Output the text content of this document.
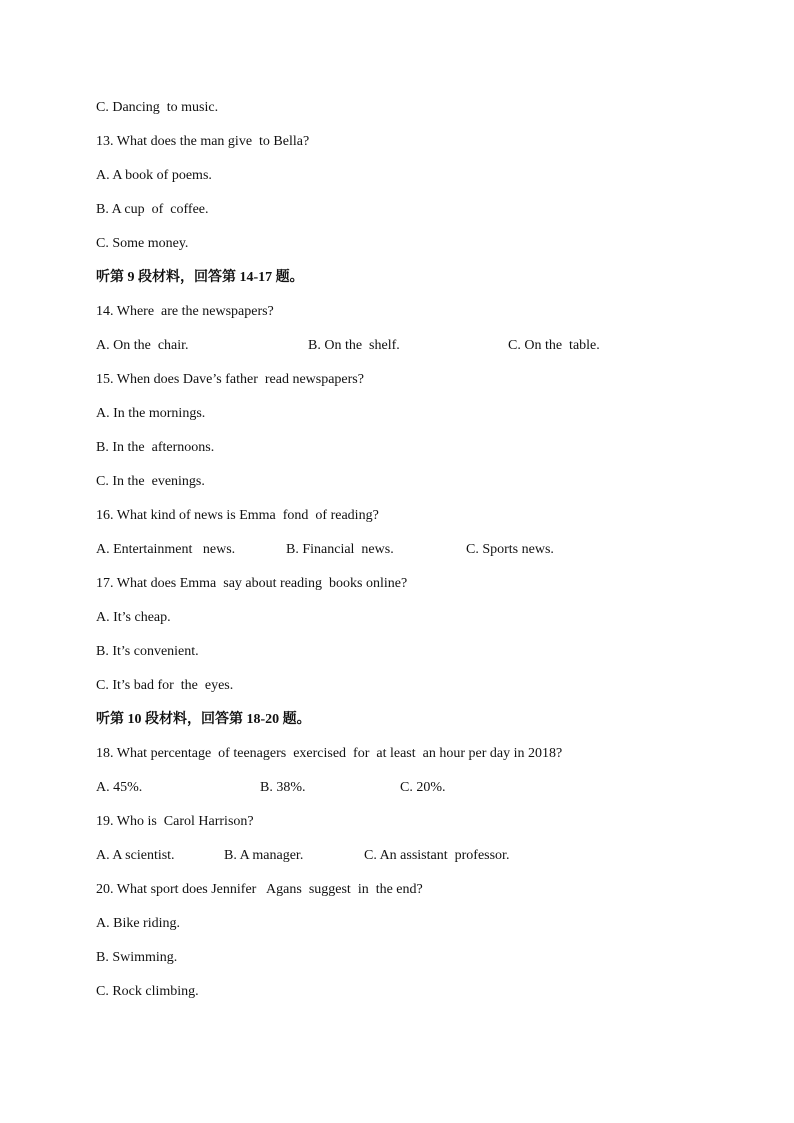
C. Dancing  to music.
13. What does the man give  to Bella?
A. A book of poems.
B. A cup  of  coffee.
C. Some money.
听第 9 段材料，回答第 14-17 题。
14. Where  are the newspapers?
A. On the  chair.	B. On the  shelf.	C. On the  table.
15. When does Dave’s father  read newspapers?
A. In the mornings.
B. In the  afternoons.
C. In the  evenings.
16. What kind of news is Emma  fond  of reading?
A. Entertainment   news.	B. Financial  news.	C. Sports news.
17. What does Emma  say about reading  books online?
A. It’s cheap.
B. It’s convenient.
C. It’s bad for  the  eyes.
听第 10 段材料，回答第 18-20 题。
18. What percentage  of teenagers  exercised  for  at least  an hour per day in 2018?
A. 45%.	B. 38%.	C. 20%.
19. Who is  Carol Harrison?
A. A scientist.	B. A manager.	C. An assistant  professor.
20. What sport does Jennifer   Agans  suggest  in  the end?
A. Bike riding.
B. Swimming.
C. Rock climbing.
